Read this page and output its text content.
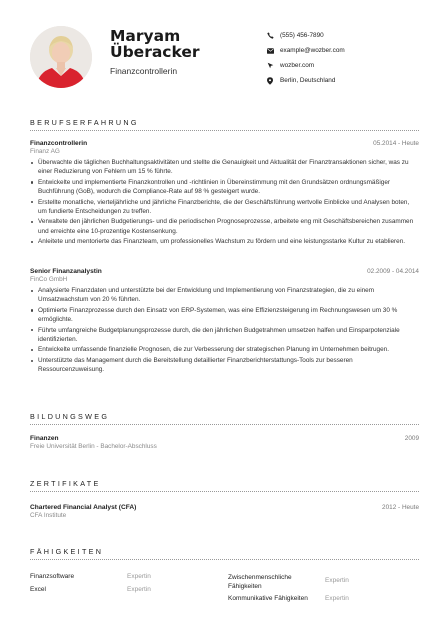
Maryam
Überacker
Finanzcontrollerin
(555) 456-7890
example@wozber.com
wozber.com
Berlin, Deutschland
BERUFSERFAHRUNG
Finanzcontrollerin	05.2014 - Heute
Finanz AG
Überwachte die täglichen Buchhaltungsaktivitäten und stellte die Genauigkeit und Aktualität der Finanztransaktionen sicher, was zu einer Reduzierung von Fehlern um 15 % führte.
Entwickelte und implementierte Finanzkontrollen und -richtlinien in Übereinstimmung mit den Grundsätzen ordnungsmäßiger Buchführung (GoB), wodurch die Compliance-Rate auf 98 % gesteigert wurde.
Erstellte monatliche, vierteljährliche und jährliche Finanzberichte, die der Geschäftsführung wertvolle Einblicke und Analysen boten, um fundierte Entscheidungen zu treffen.
Verwaltete den jährlichen Budgetierungs- und die periodischen Prognoseprozesse, arbeitete eng mit Geschäftsbereichen zusammen und erreichte eine 10-prozentige Kostensenkung.
Anleitete und mentorierte das Finanzteam, um professionelles Wachstum zu fördern und eine leistungsstarke Kultur zu etablieren.
Senior Finanzanalystin	02.2009 - 04.2014
FinCo GmbH
Analysierte Finanzdaten und unterstützte bei der Entwicklung und Implementierung von Finanzstrategien, die zu einem Umsatzwachstum von 20 % führten.
Optimierte Finanzprozesse durch den Einsatz von ERP-Systemen, was eine Effizienzsteigerung im Rechnungswesen um 30 % ermöglichte.
Führte umfangreiche Budgetplanungsprozesse durch, die den jährlichen Budgetrahmen umsetzen halfen und Einsparpotenziale identifizierten.
Entwickelte umfassende finanzielle Prognosen, die zur Verbesserung der strategischen Planung im Unternehmen beitrugen.
Unterstützte das Management durch die Bereitstellung detaillierter Finanzberichterstattungs-Tools zur besseren Ressourcenzuweisung.
BILDUNGSWEG
Finanzen	2009
Freie Universität Berlin - Bachelor-Abschluss
ZERTIFIKATE
Chartered Financial Analyst (CFA)	2012 - Heute
CFA Institute
FÄHIGKEITEN
Finanzsoftware	Expertin
Excel	Expertin
Zwischenmenschliche Fähigkeiten
Expertin
Kommunikative Fähigkeiten	Expertin
